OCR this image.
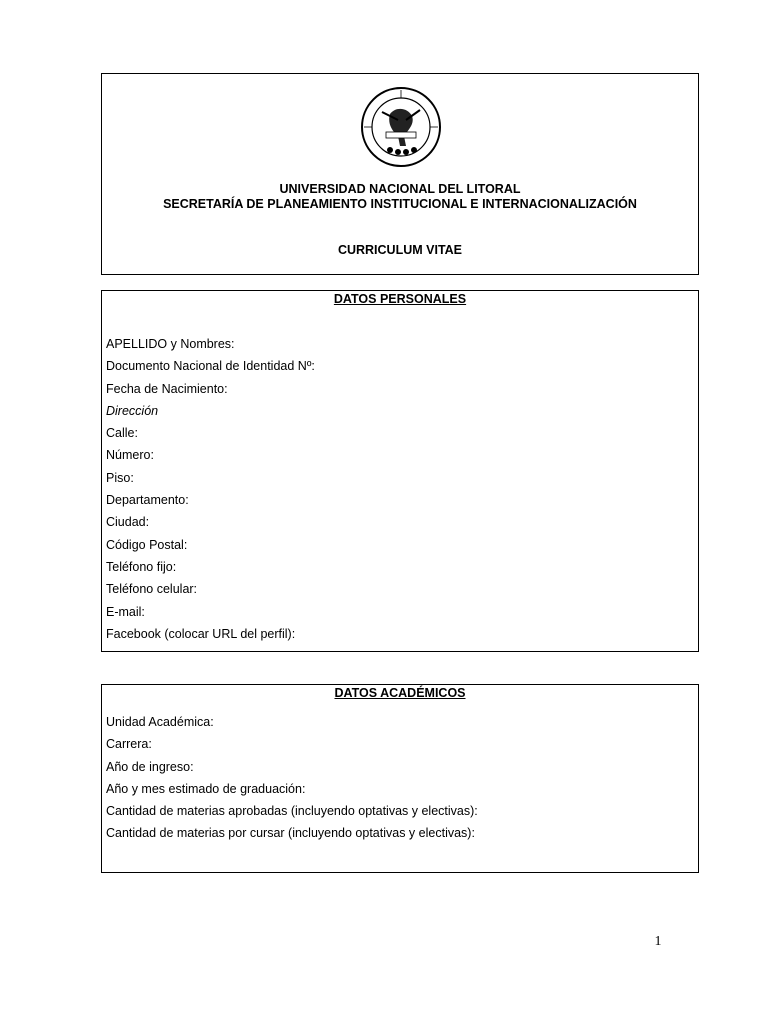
UNIVERSIDAD NACIONAL DEL LITORAL
SECRETARÍA DE PLANEAMIENTO INSTITUCIONAL E INTERNACIONALIZACIÓN
CURRICULUM VITAE
DATOS PERSONALES
APELLIDO y Nombres:
Documento Nacional de Identidad Nº:
Fecha de Nacimiento:
Dirección
Calle:
Número:
Piso:
Departamento:
Ciudad:
Código Postal:
Teléfono fijo:
Teléfono celular:
E-mail:
Facebook (colocar URL del perfil):
DATOS ACADÉMICOS
Unidad Académica:
Carrera:
Año de ingreso:
Año y mes estimado de graduación:
Cantidad de materias aprobadas (incluyendo optativas y electivas):
Cantidad de materias por cursar (incluyendo optativas y electivas):
1
